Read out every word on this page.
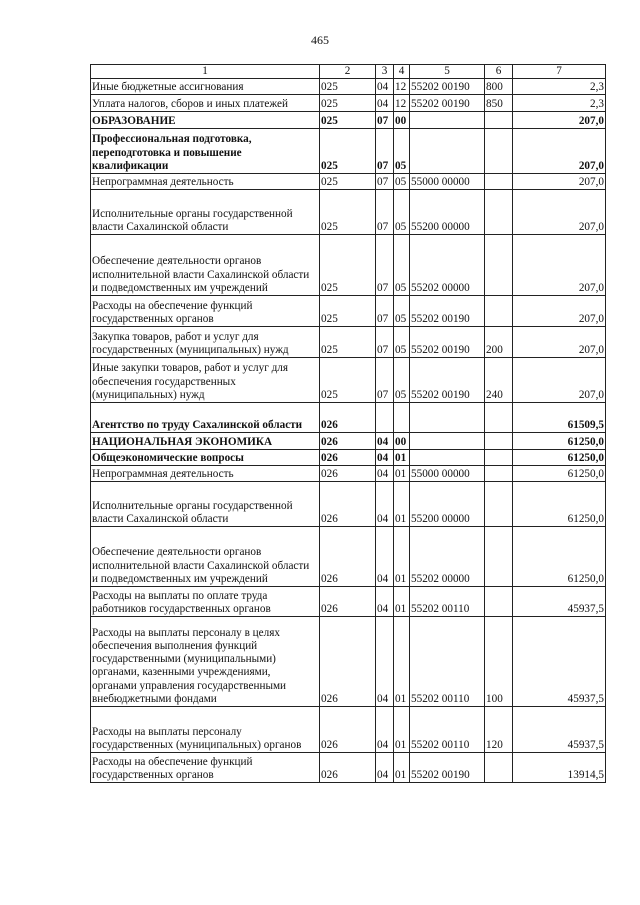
465
1	2	3	4	5	6	7
Иные бюджетные ассигнования	025	04	12	55202 00190	800	2,3
Уплата налогов, сборов и иных платежей	025	04	12	55202 00190	850	2,3
ОБРАЗОВАНИЕ	025	07	00			207,0
Профессиональная подготовка, переподготовка и повышение квалификации	025	07	05			207,0
Непрограммная деятельность	025	07	05	55000 00000		207,0
Исполнительные органы государственной власти Сахалинской области	025	07	05	55200 00000		207,0
Обеспечение деятельности органов исполнительной власти Сахалинской области и подведомственных им учреждений	025	07	05	55202 00000		207,0
Расходы на обеспечение функций государственных органов	025	07	05	55202 00190		207,0
Закупка товаров, работ и услуг для государственных (муниципальных) нужд	025	07	05	55202 00190	200	207,0
Иные закупки товаров, работ и услуг для обеспечения государственных (муниципальных) нужд	025	07	05	55202 00190	240	207,0
Агентство по труду Сахалинской области	026					61509,5
НАЦИОНАЛЬНАЯ ЭКОНОМИКА	026	04	00			61250,0
Общеэкономические вопросы	026	04	01			61250,0
Непрограммная деятельность	026	04	01	55000 00000		61250,0
Исполнительные органы государственной власти Сахалинской области	026	04	01	55200 00000		61250,0
Обеспечение деятельности органов исполнительной власти Сахалинской области и подведомственных им учреждений	026	04	01	55202 00000		61250,0
Расходы на выплаты по оплате труда работников государственных органов	026	04	01	55202 00110		45937,5
Расходы на выплаты персоналу в целях обеспечения выполнения функций государственными (муниципальными) органами, казенными учреждениями, органами управления государственными внебюджетными фондами	026	04	01	55202 00110	100	45937,5
Расходы на выплаты персоналу государственных (муниципальных) органов	026	04	01	55202 00110	120	45937,5
Расходы на обеспечение функций государственных органов	026	04	01	55202 00190		13914,5
